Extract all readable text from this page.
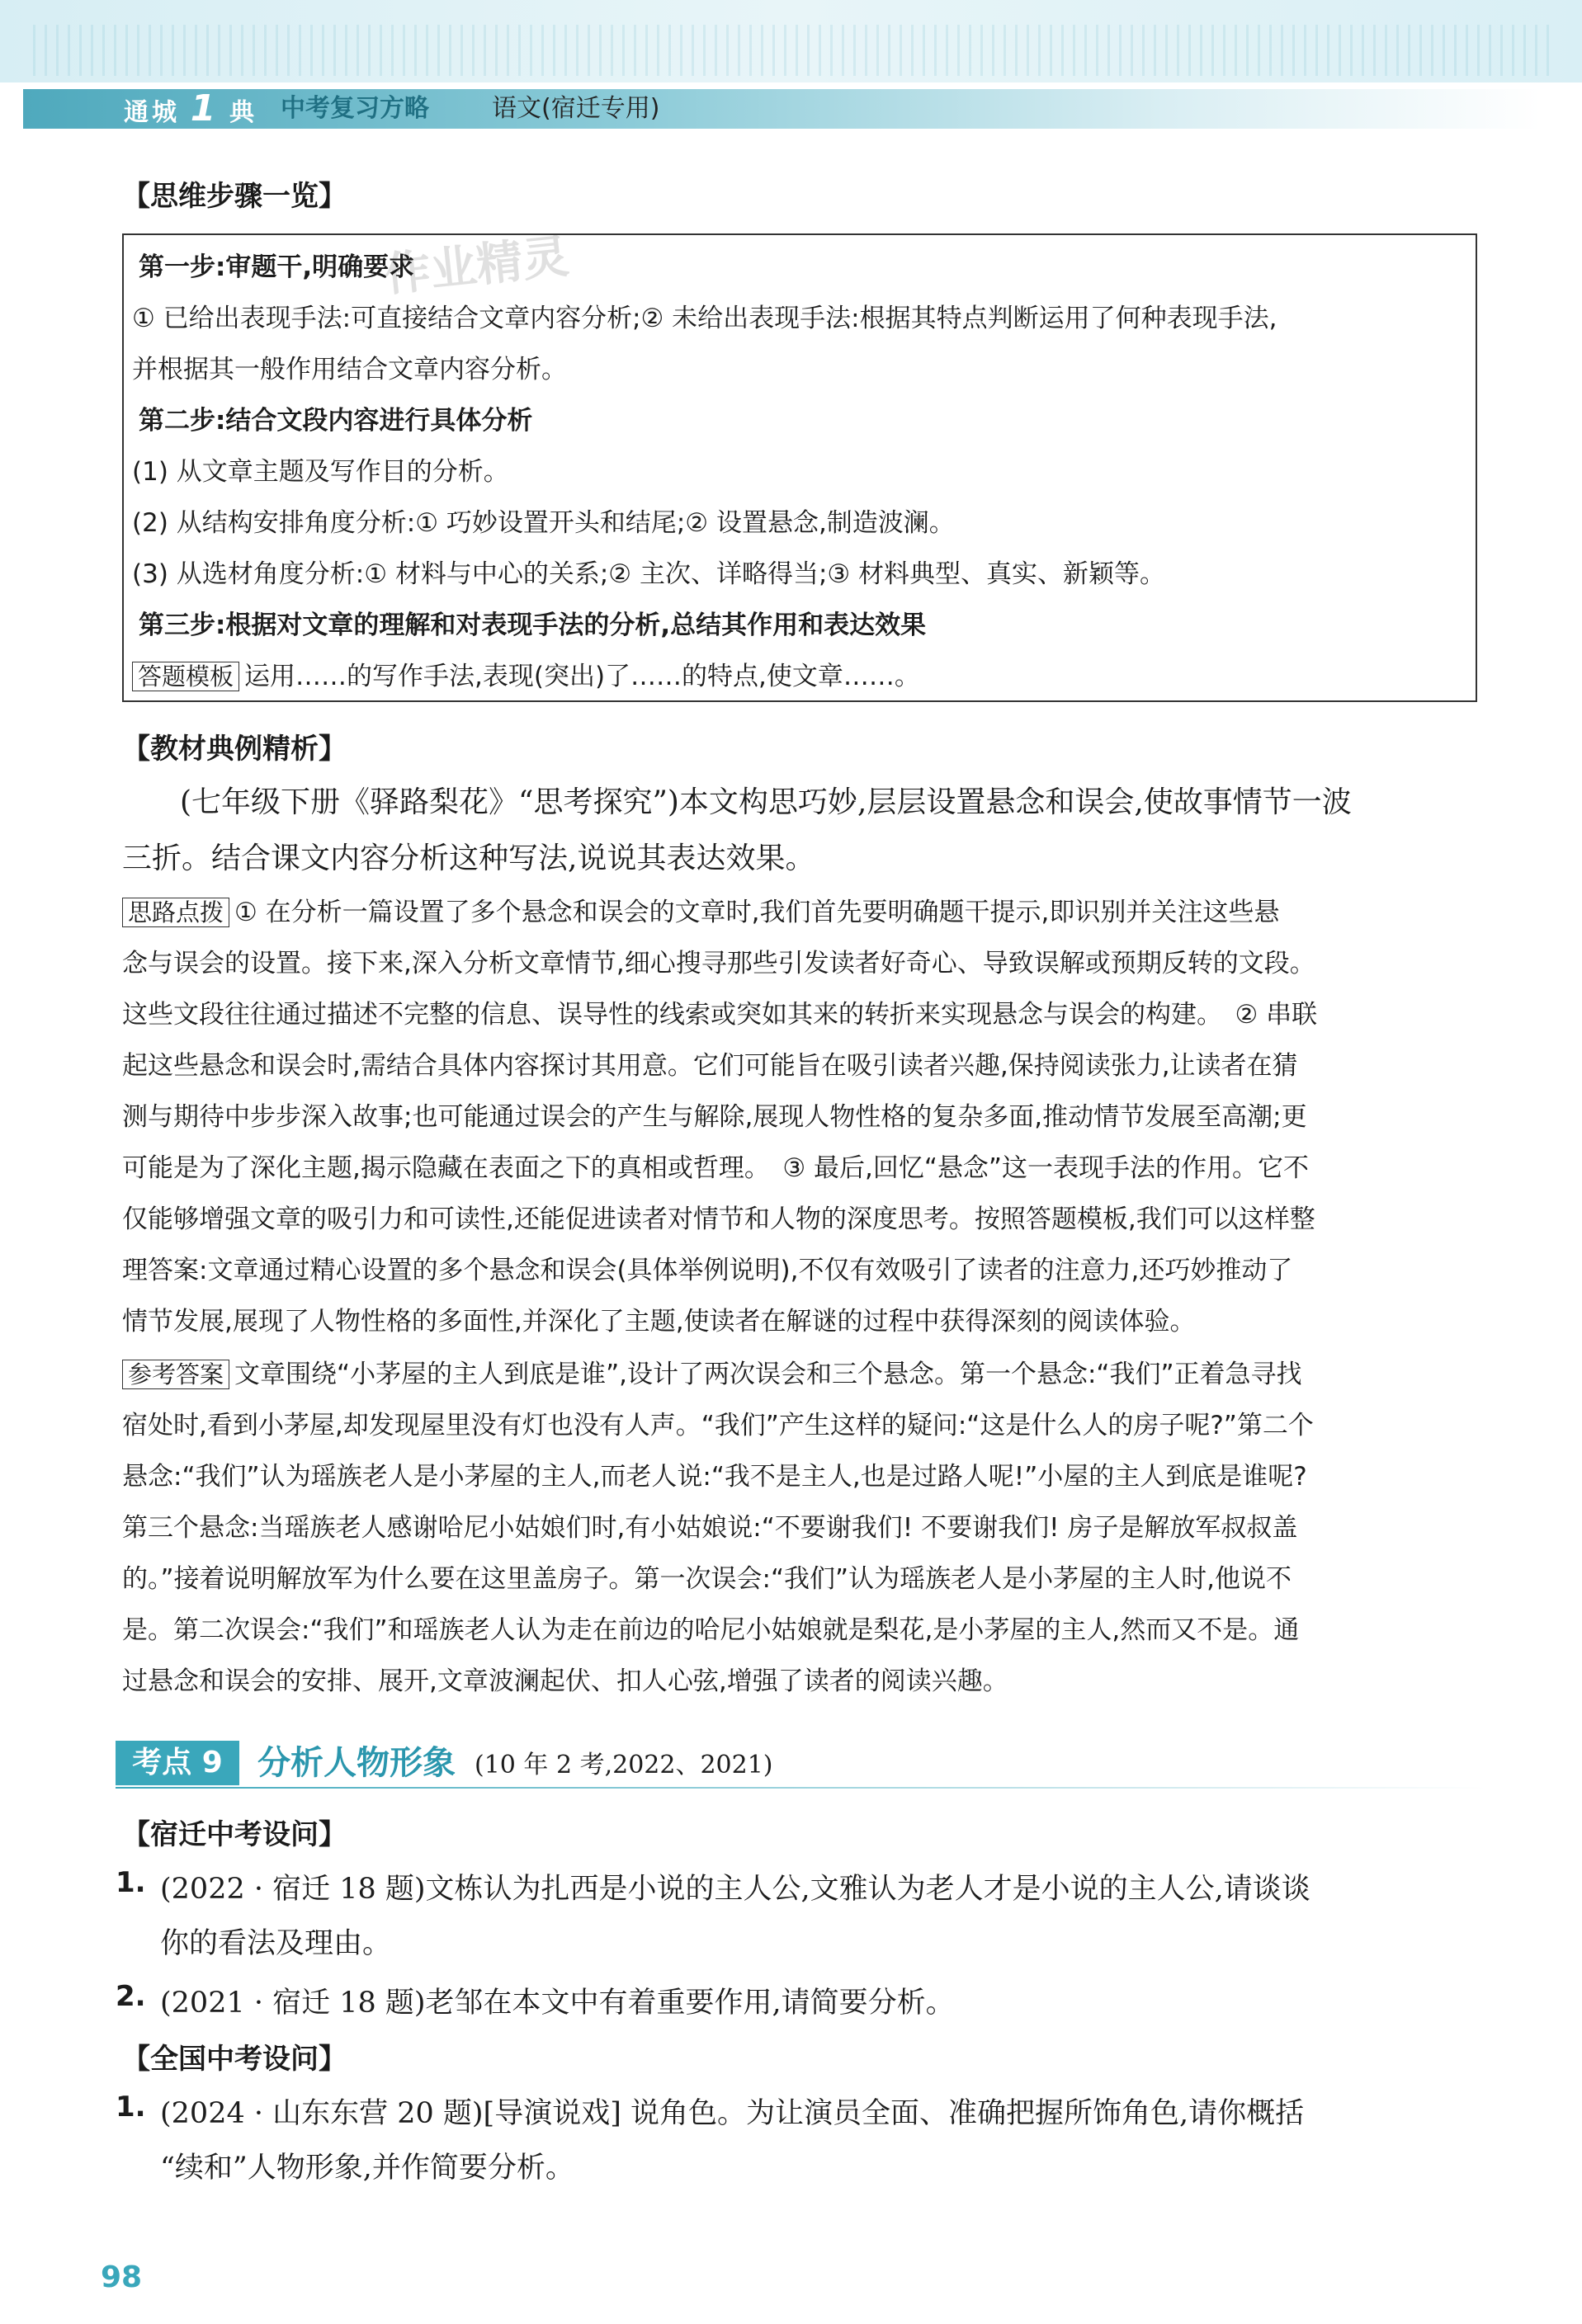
通城 1 典 中考复习方略	语文(宿迁专用)
【思维步骤一览】
作业精灵
第一步:审题干,明确要求
① 已给出表现手法:可直接结合文章内容分析;② 未给出表现手法:根据其特点判断运用了何种表现手法,
并根据其一般作用结合文章内容分析。
第二步:结合文段内容进行具体分析
(1) 从文章主题及写作目的分析。
(2) 从结构安排角度分析:① 巧妙设置开头和结尾;② 设置悬念,制造波澜。
(3) 从选材角度分析:① 材料与中心的关系;② 主次、详略得当;③ 材料典型、真实、新颖等。
第三步:根据对文章的理解和对表现手法的分析,总结其作用和表达效果
答题模板 运用……的写作手法,表现(突出)了……的特点,使文章……。
【教材典例精析】
(七年级下册《驿路梨花》“思考探究”)本文构思巧妙,层层设置悬念和误会,使故事情节一波
三折。结合课文内容分析这种写法,说说其表达效果。
思路点拨 ① 在分析一篇设置了多个悬念和误会的文章时,我们首先要明确题干提示,即识别并关注这些悬
念与误会的设置。接下来,深入分析文章情节,细心搜寻那些引发读者好奇心、导致误解或预期反转的文段。
这些文段往往通过描述不完整的信息、误导性的线索或突如其来的转折来实现悬念与误会的构建。　② 串联
起这些悬念和误会时,需结合具体内容探讨其用意。它们可能旨在吸引读者兴趣,保持阅读张力,让读者在猜
测与期待中步步深入故事;也可能通过误会的产生与解除,展现人物性格的复杂多面,推动情节发展至高潮;更
可能是为了深化主题,揭示隐藏在表面之下的真相或哲理。　③ 最后,回忆“悬念”这一表现手法的作用。它不
仅能够增强文章的吸引力和可读性,还能促进读者对情节和人物的深度思考。按照答题模板,我们可以这样整
理答案:文章通过精心设置的多个悬念和误会(具体举例说明),不仅有效吸引了读者的注意力,还巧妙推动了
情节发展,展现了人物性格的多面性,并深化了主题,使读者在解谜的过程中获得深刻的阅读体验。
参考答案 文章围绕“小茅屋的主人到底是谁”,设计了两次误会和三个悬念。第一个悬念:“我们”正着急寻找
宿处时,看到小茅屋,却发现屋里没有灯也没有人声。“我们”产生这样的疑问:“这是什么人的房子呢?”第二个
悬念:“我们”认为瑶族老人是小茅屋的主人,而老人说:“我不是主人,也是过路人呢!”小屋的主人到底是谁呢?
第三个悬念:当瑶族老人感谢哈尼小姑娘们时,有小姑娘说:“不要谢我们! 不要谢我们! 房子是解放军叔叔盖
的。”接着说明解放军为什么要在这里盖房子。第一次误会:“我们”认为瑶族老人是小茅屋的主人时,他说不
是。第二次误会:“我们”和瑶族老人认为走在前边的哈尼小姑娘就是梨花,是小茅屋的主人,然而又不是。通
过悬念和误会的安排、展开,文章波澜起伏、扣人心弦,增强了读者的阅读兴趣。
考点 9	分析人物形象 (10 年 2 考,2022、2021)
【宿迁中考设问】
1. (2022 · 宿迁 18 题)文栋认为扎西是小说的主人公,文雅认为老人才是小说的主人公,请谈谈
你的看法及理由。
2. (2021 · 宿迁 18 题)老邹在本文中有着重要作用,请简要分析。
【全国中考设问】
1. (2024 · 山东东营 20 题)[导演说戏] 说角色。为让演员全面、准确把握所饰角色,请你概括
“续和”人物形象,并作简要分析。
98
